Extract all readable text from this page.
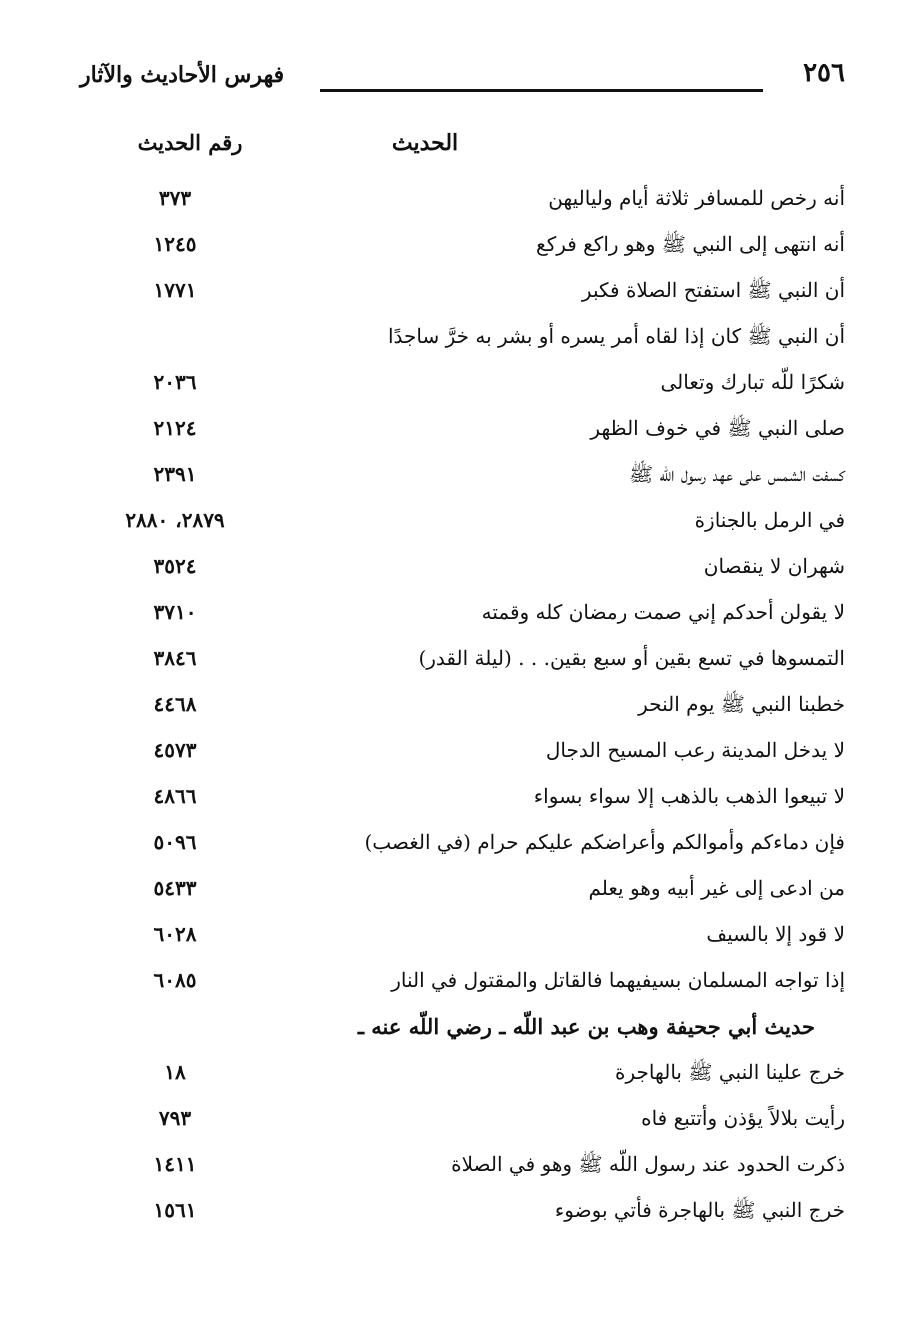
٢٥٦
فهرس الأحاديث والآثار
الحديث
رقم الحديث
أنه رخص للمسافر ثلاثة أيام ولياليهن
٣٧٣
أنه انتهى إلى النبي ﷺ وهو راكع فركع
١٢٤٥
أن النبي ﷺ استفتح الصلاة فكبر
١٧٧١
أن النبي ﷺ كان إذا لقاه أمر يسره أو بشر به خرَّ ساجدًا
شكرًا للّه تبارك وتعالى
٢٠٣٦
صلى النبي ﷺ في خوف الظهر
٢١٢٤
كسفت الشمس على عهد رسول اللّه ﷺ
٢٣٩١
في الرمل بالجنازة
٢٨٧٩، ٢٨٨٠
شهران لا ينقصان
٣٥٢٤
لا يقولن أحدكم إني صمت رمضان كله وقمته
٣٧١٠
التمسوها في تسع بقين أو سبع بقين. . . (ليلة القدر)
٣٨٤٦
خطبنا النبي ﷺ يوم النحر
٤٤٦٨
لا يدخل المدينة رعب المسيح الدجال
٤٥٧٣
لا تبيعوا الذهب بالذهب إلا سواء بسواء
٤٨٦٦
فإن دماءكم وأموالكم وأعراضكم عليكم حرام (في الغصب)
٥٠٩٦
من ادعى إلى غير أبيه وهو يعلم
٥٤٣٣
لا قود إلا بالسيف
٦٠٢٨
إذا تواجه المسلمان بسيفيهما فالقاتل والمقتول في النار
٦٠٨٥
حديث أبي جحيفة وهب بن عبد اللّه ـ رضي اللّه عنه ـ
خرج علينا النبي ﷺ بالهاجرة
١٨
رأيت بلالاً يؤذن وأتتبع فاه
٧٩٣
ذكرت الحدود عند رسول اللّه ﷺ وهو في الصلاة
١٤١١
خرج النبي ﷺ بالهاجرة فأتي بوضوء
١٥٦١
